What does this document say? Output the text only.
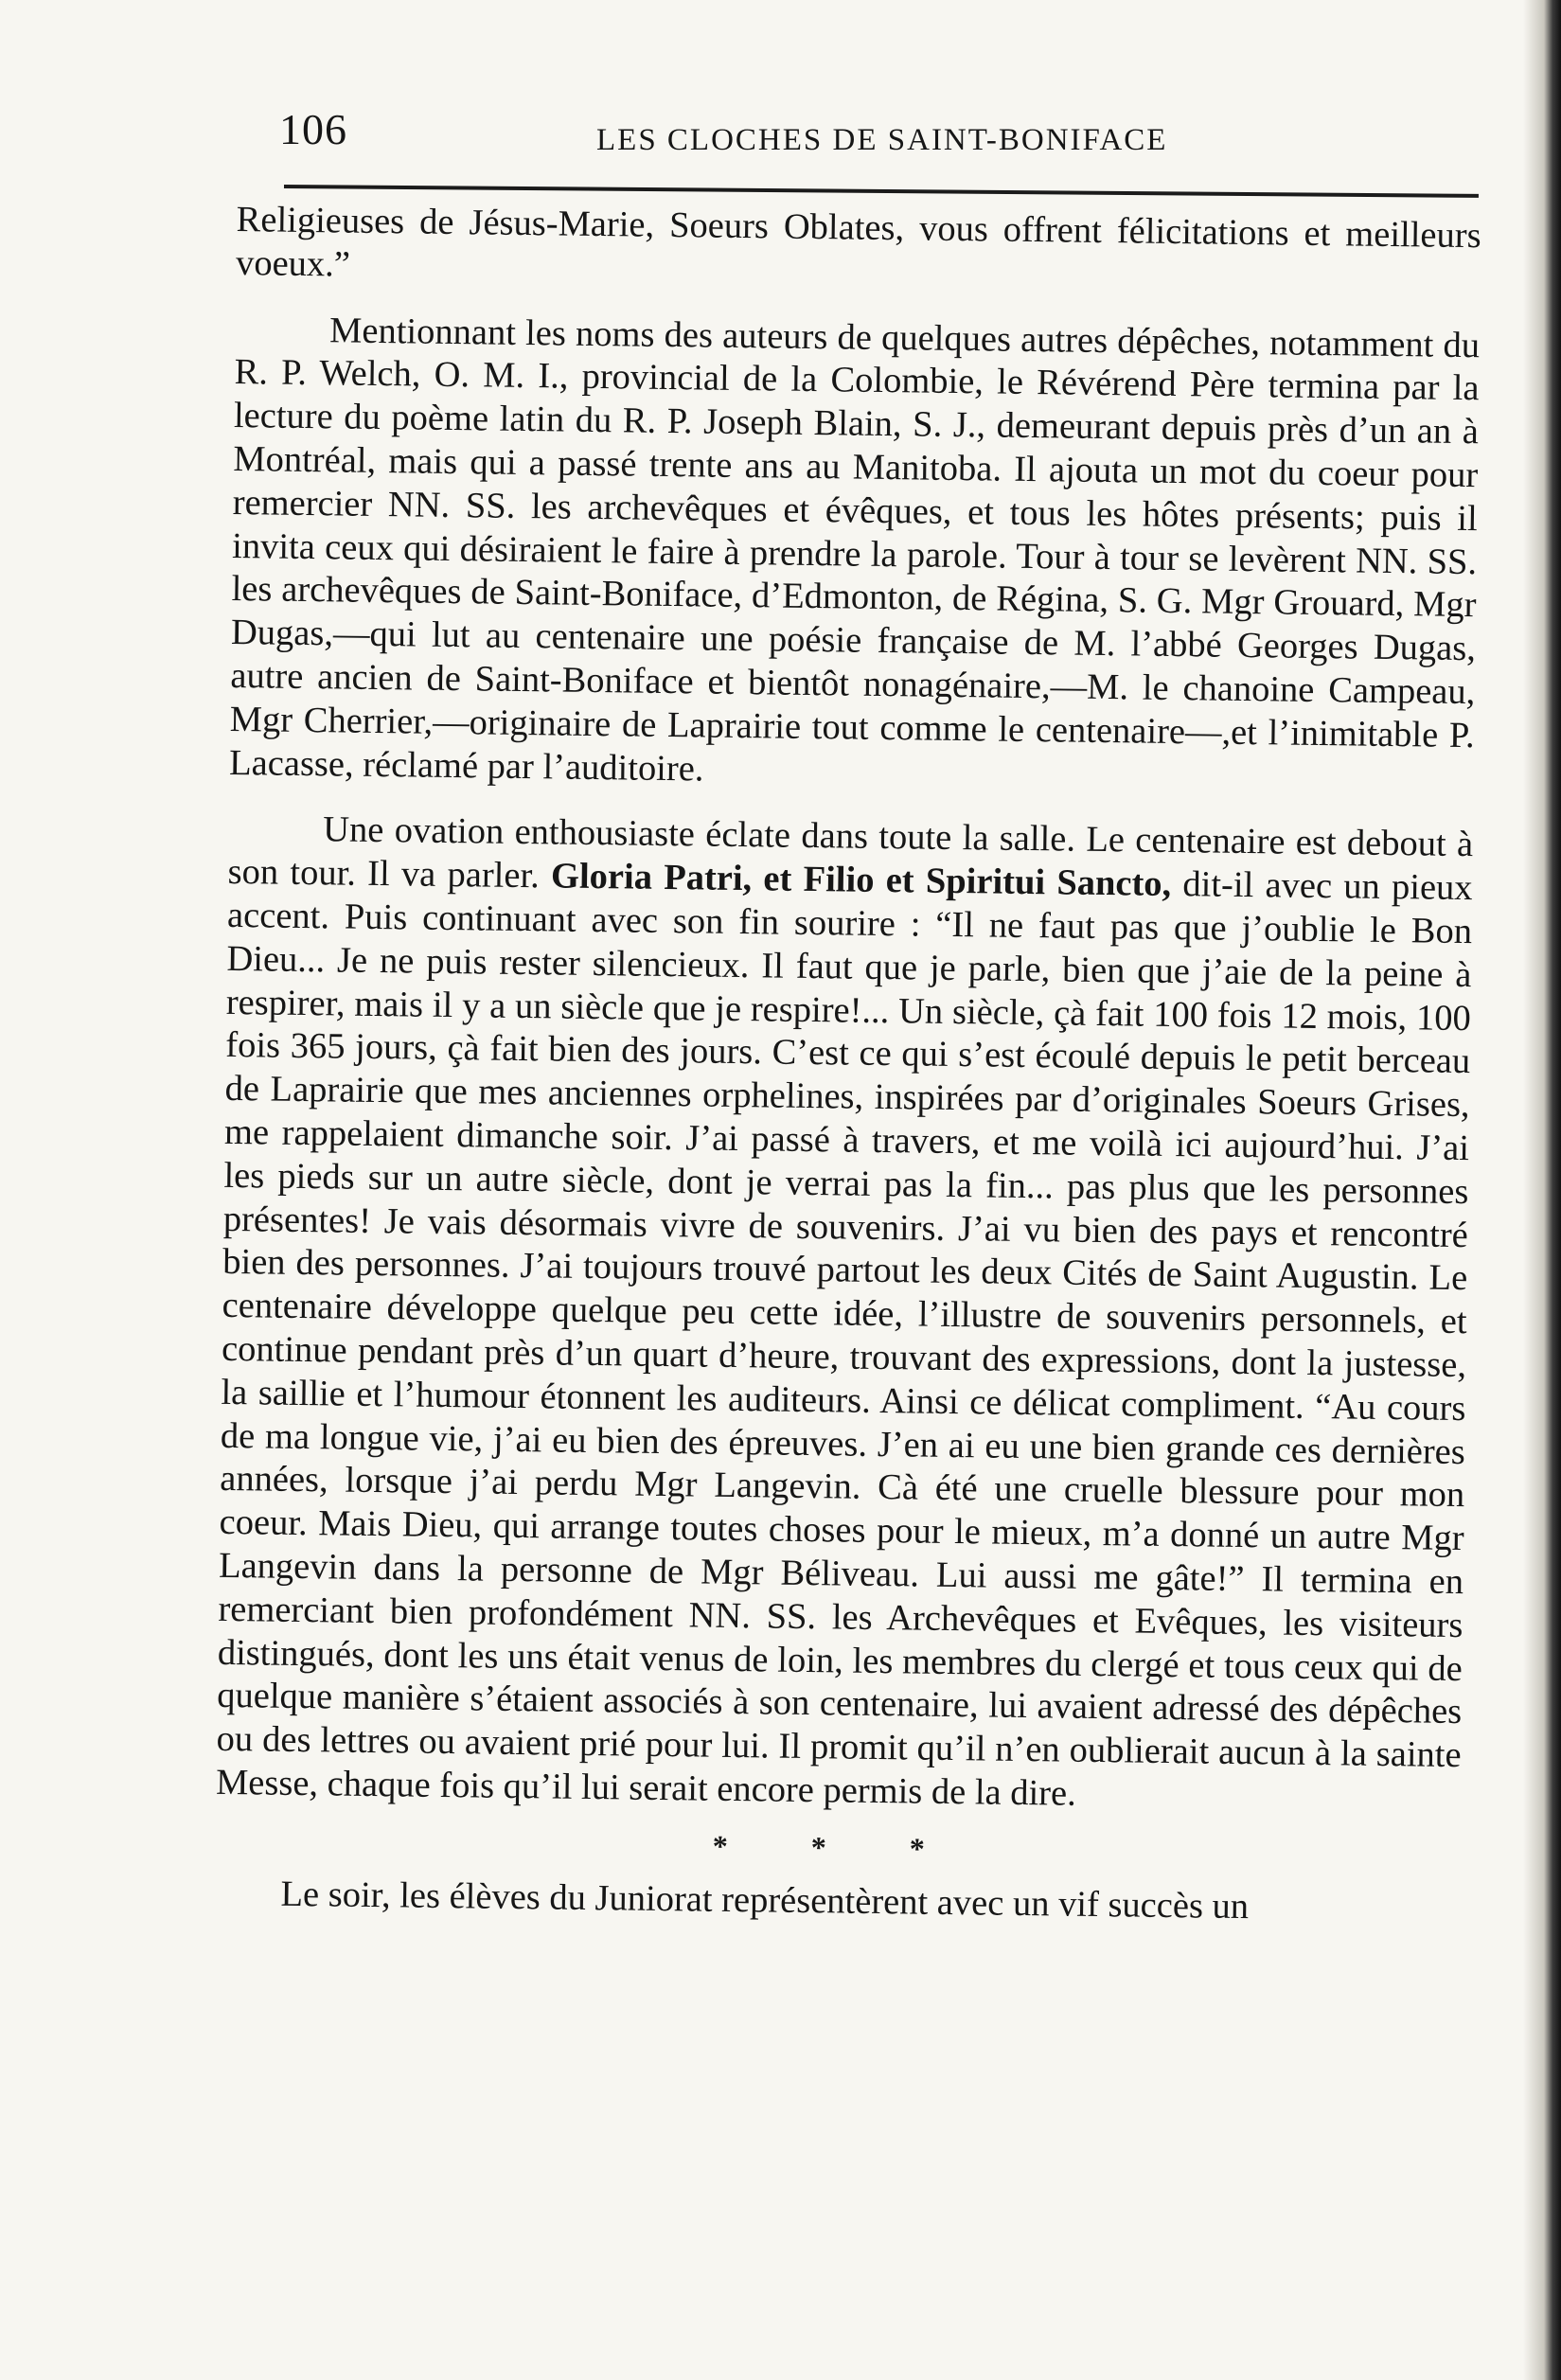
106	LES CLOCHES DE SAINT-BONIFACE

Religieuses de Jésus-Marie, Soeurs Oblates, vous offrent félicitations et meilleurs voeux.”

Mentionnant les noms des auteurs de quelques autres dépêches, notamment du R. P. Welch, O. M. I., provincial de la Colombie, le Révérend Père termina par la lecture du poème latin du R. P. Joseph Blain, S. J., demeurant depuis près d’un an à Montréal, mais qui a passé trente ans au Manitoba. Il ajouta un mot du coeur pour remercier NN. SS. les archevêques et évêques, et tous les hôtes présents; puis il invita ceux qui désiraient le faire à prendre la parole. Tour à tour se levèrent NN. SS. les archevêques de Saint-Boniface, d’Edmonton, de Régina, S. G. Mgr Grouard, Mgr Dugas,—qui lut au centenaire une poésie française de M. l’abbé Georges Dugas, autre ancien de Saint-Boniface et bientôt nonagénaire,—M. le chanoine Campeau, Mgr Cherrier,—originaire de Laprairie tout comme le centenaire—,et l’inimitable P. Lacasse, réclamé par l’auditoire.

Une ovation enthousiaste éclate dans toute la salle. Le centenaire est debout à son tour. Il va parler. Gloria Patri, et Filio et Spiritui Sancto, dit-il avec un pieux accent. Puis continuant avec son fin sourire : “Il ne faut pas que j’oublie le Bon Dieu... Je ne puis rester silencieux. Il faut que je parle, bien que j’aie de la peine à respirer, mais il y a un siècle que je respire!... Un siècle, çà fait 100 fois 12 mois, 100 fois 365 jours, çà fait bien des jours. C’est ce qui s’est écoulé depuis le petit berceau de Laprairie que mes anciennes orphelines, inspirées par d’originales Soeurs Grises, me rappelaient dimanche soir. J’ai passé à travers, et me voilà ici aujourd’hui. J’ai les pieds sur un autre siècle, dont je verrai pas la fin... pas plus que les personnes présentes! Je vais désormais vivre de souvenirs. J’ai vu bien des pays et rencontré bien des personnes. J’ai toujours trouvé partout les deux Cités de Saint Augustin. Le centenaire développe quelque peu cette idée, l’illustre de souvenirs personnels, et continue pendant près d’un quart d’heure, trouvant des expressions, dont la justesse, la saillie et l’humour étonnent les auditeurs. Ainsi ce délicat compliment. “Au cours de ma longue vie, j’ai eu bien des épreuves. J’en ai eu une bien grande ces dernières années, lorsque j’ai perdu Mgr Langevin. Cà été une cruelle blessure pour mon coeur. Mais Dieu, qui arrange toutes choses pour le mieux, m’a donné un autre Mgr Langevin dans la personne de Mgr Béliveau. Lui aussi me gâte!” Il termina en remerciant bien profondément NN. SS. les Archevêques et Evêques, les visiteurs distingués, dont les uns était venus de loin, les membres du clergé et tous ceux qui de quelque manière s’étaient associés à son centenaire, lui avaient adressé des dépêches ou des lettres ou avaient prié pour lui. Il promit qu’il n’en oublierait aucun à la sainte Messe, chaque fois qu’il lui serait encore permis de la dire.

* * *

Le soir, les élèves du Juniorat représentèrent avec un vif succès un
